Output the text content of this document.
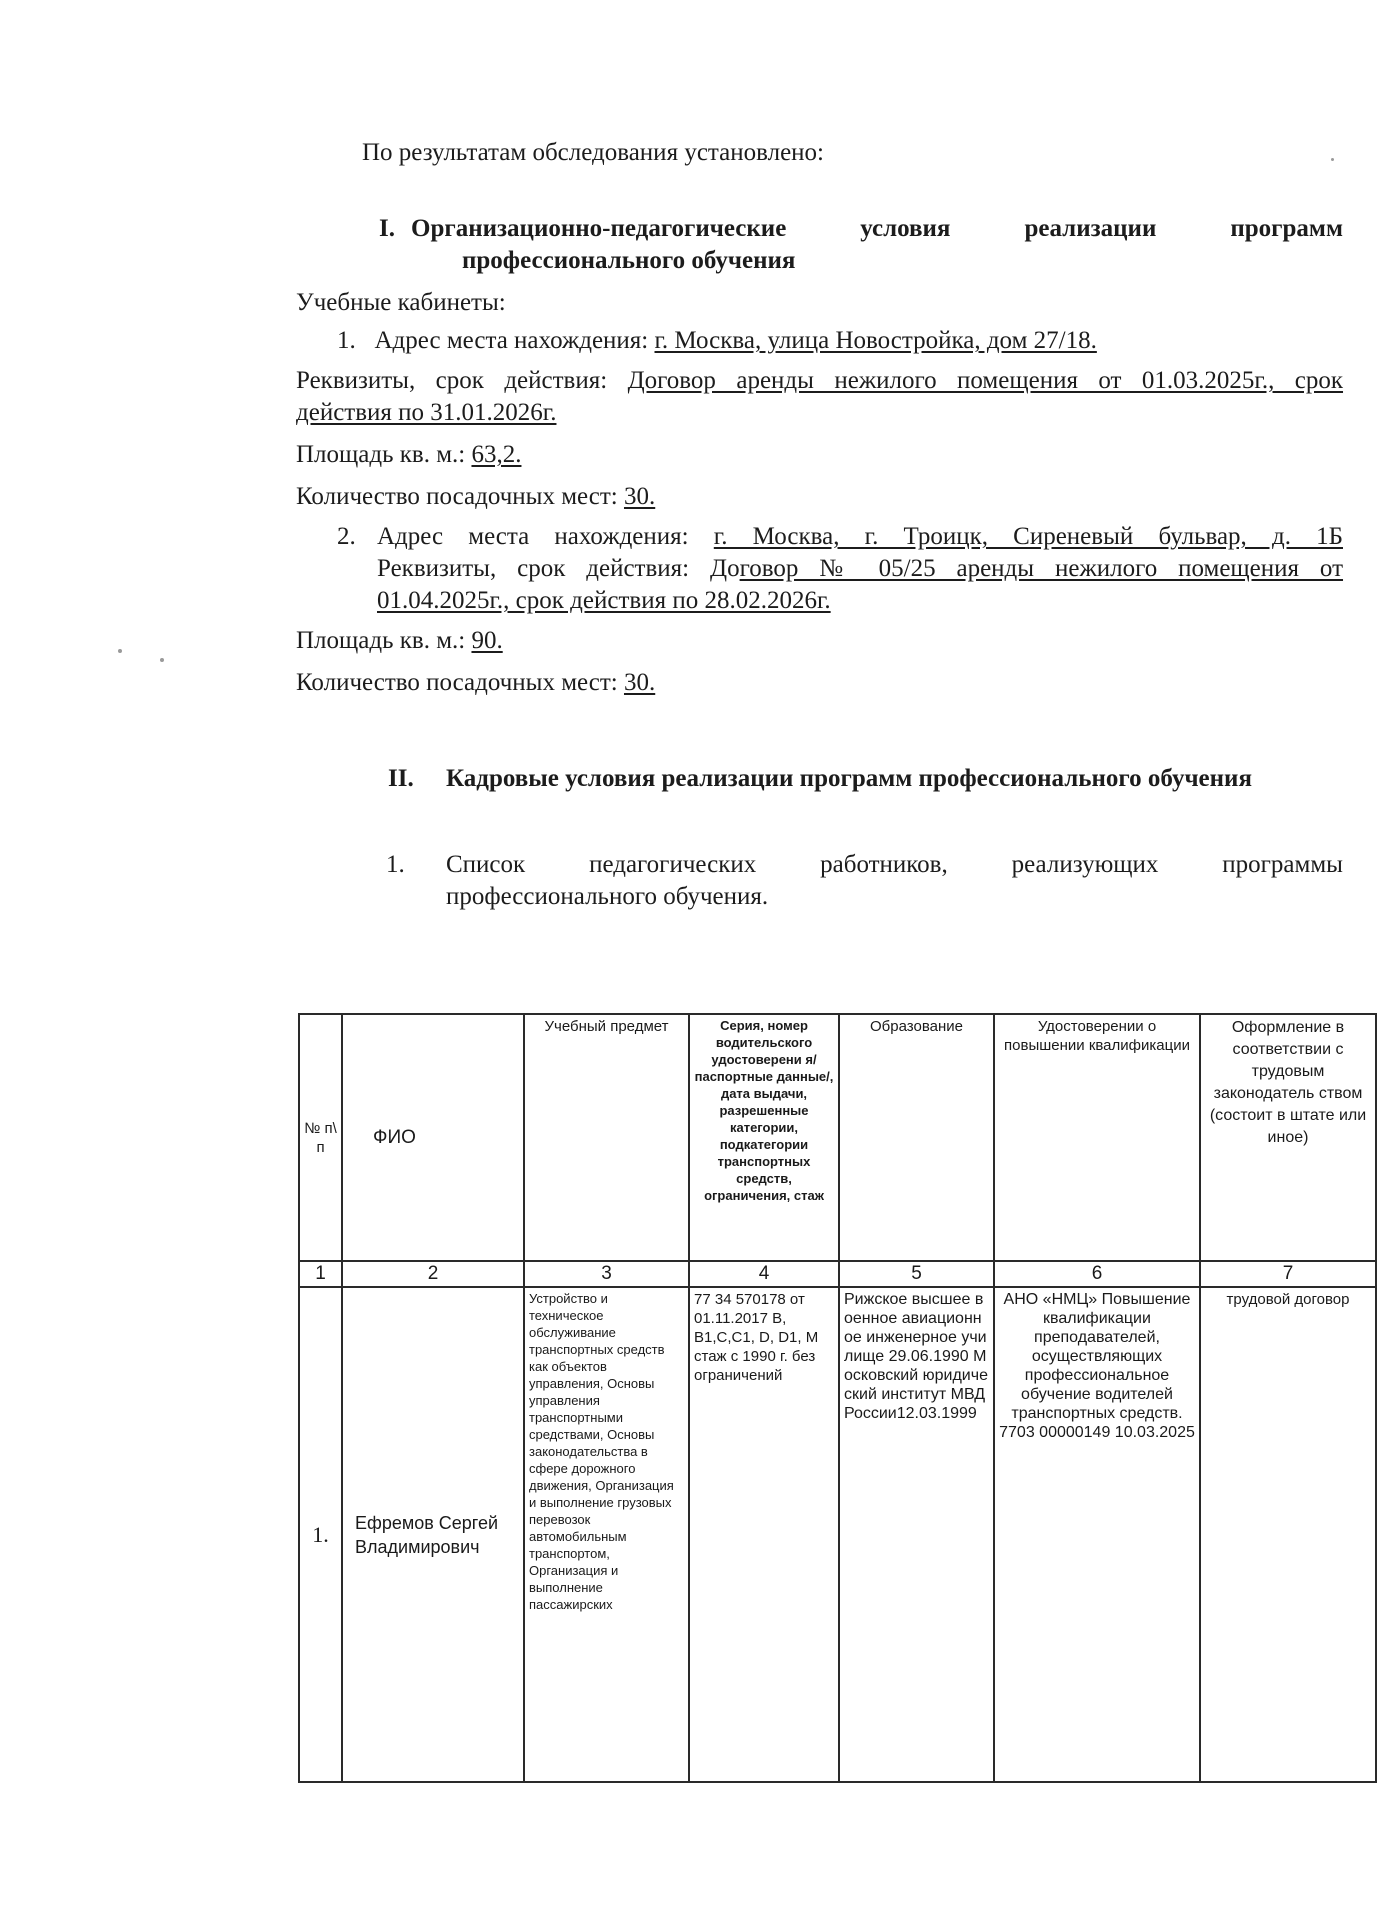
По результатам обследования установлено:
I. Организационно-педагогические	условия	реализации	программ
профессионального обучения
Учебные кабинеты:
1. Адрес места нахождения: г. Москва, улица Новостройка, дом 27/18.
Реквизиты, срок действия: Договор аренды нежилого помещения от 01.03.2025г., срок
действия по 31.01.2026г.
Площадь кв. м.: 63,2.
Количество посадочных мест: 30.
2. Адрес места нахождения: г. Москва, г. Троицк, Сиреневый бульвар, д. 1Б
Реквизиты, срок действия: Договор № 05/25 аренды нежилого помещения от
01.04.2025г., срок действия по 28.02.2026г.
Площадь кв. м.: 90.
Количество посадочных мест: 30.
II. Кадровые условия реализации программ профессионального обучения
1. Список	педагогических	работников,	реализующих	программы
профессионального обучения.
№ п\ п	ФИО	Учебный предмет	Серия, номер водительского удостоверени я/паспортные данные/, дата выдачи, разрешенные категории, подкатегории транспортных средств, ограничения, стаж	Образование	Удостоверении о повышении квалификации	Оформление в соответствии с трудовым законодатель ством (состоит в штате или иное)
1	2	3	4	5	6	7
1.	Ефремов Сергей Владимирович	Устройство и техническое обслуживание транспортных средств как объектов управления, Основы управления транспортными средствами, Основы законодательства в сфере дорожного движения, Организация и выполнение грузовых перевозок автомобильным транспортом, Организация и выполнение пассажирских	77 34 570178 от 01.11.2017 B, B1,C,C1, D, D1, M стаж с 1990 г. без ограничений	Рижское высшее военное авиационное инженерное училище 29.06.1990 Московский юридический институт МВД России12.03.1999	АНО «НМЦ» Повышение квалификации преподавателей, осуществляющих профессиональное обучение водителей транспортных средств. 7703 00000149 10.03.2025	трудовой договор
